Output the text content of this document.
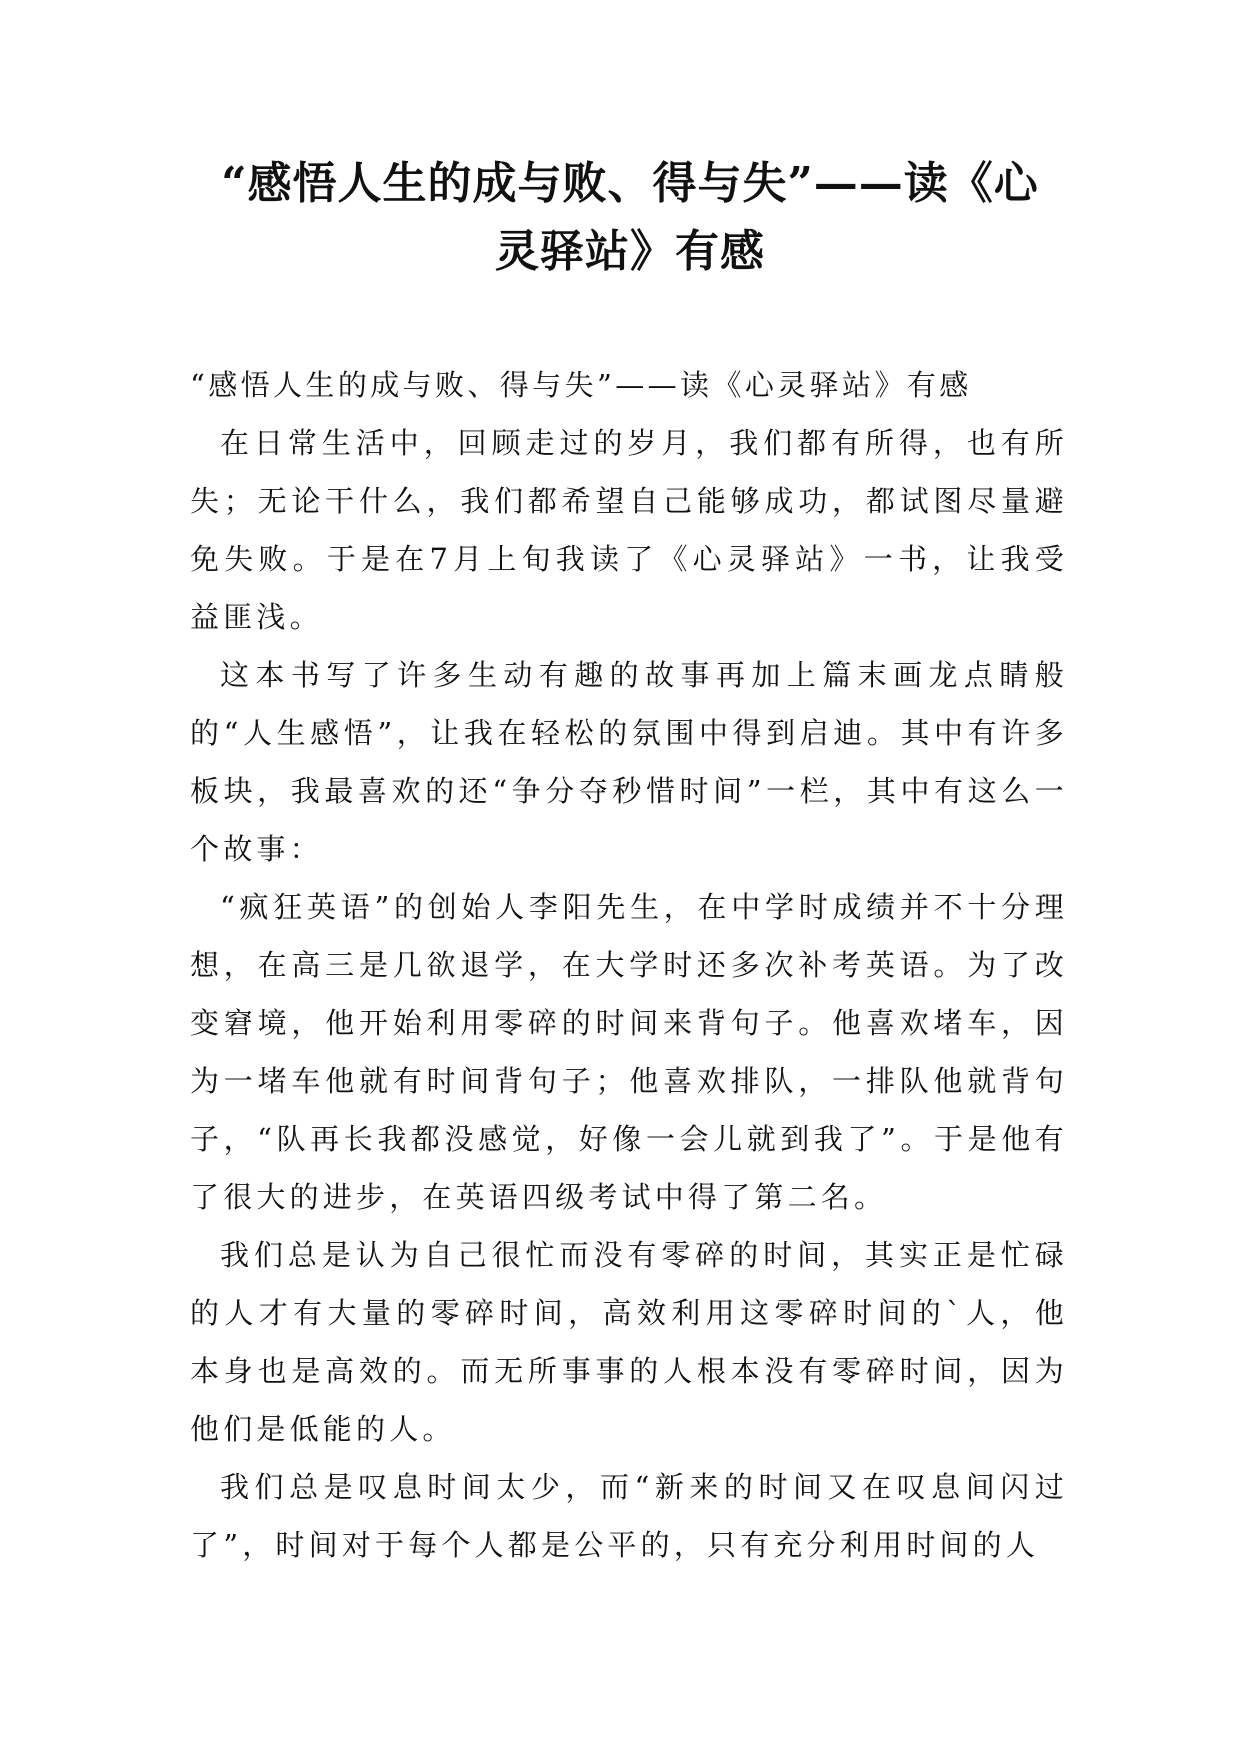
“感悟人生的成与败、得与失”——读《心
灵驿站》有感

“感悟人生的成与败、得与失”——读《心灵驿站》有感

在日常生活中，回顾走过的岁月，我们都有所得，也有所失；无论干什么，我们都希望自己能够成功，都试图尽量避免失败。于是在7月上旬我读了《心灵驿站》一书，让我受益匪浅。

这本书写了许多生动有趣的故事再加上篇末画龙点睛般的“人生感悟”，让我在轻松的氛围中得到启迪。其中有许多板块，我最喜欢的还“争分夺秒惜时间”一栏，其中有这么一个故事：

“疯狂英语”的创始人李阳先生，在中学时成绩并不十分理想，在高三是几欲退学，在大学时还多次补考英语。为了改变窘境，他开始利用零碎的时间来背句子。他喜欢堵车，因为一堵车他就有时间背句子；他喜欢排队，一排队他就背句子，“队再长我都没感觉，好像一会儿就到我了”。于是他有了很大的进步，在英语四级考试中得了第二名。

我们总是认为自己很忙而没有零碎的时间，其实正是忙碌的人才有大量的零碎时间，高效利用这零碎时间的`人，他本身也是高效的。而无所事事的人根本没有零碎时间，因为他们是低能的人。

我们总是叹息时间太少，而“新来的时间又在叹息间闪过了”，时间对于每个人都是公平的，只有充分利用时间的人
